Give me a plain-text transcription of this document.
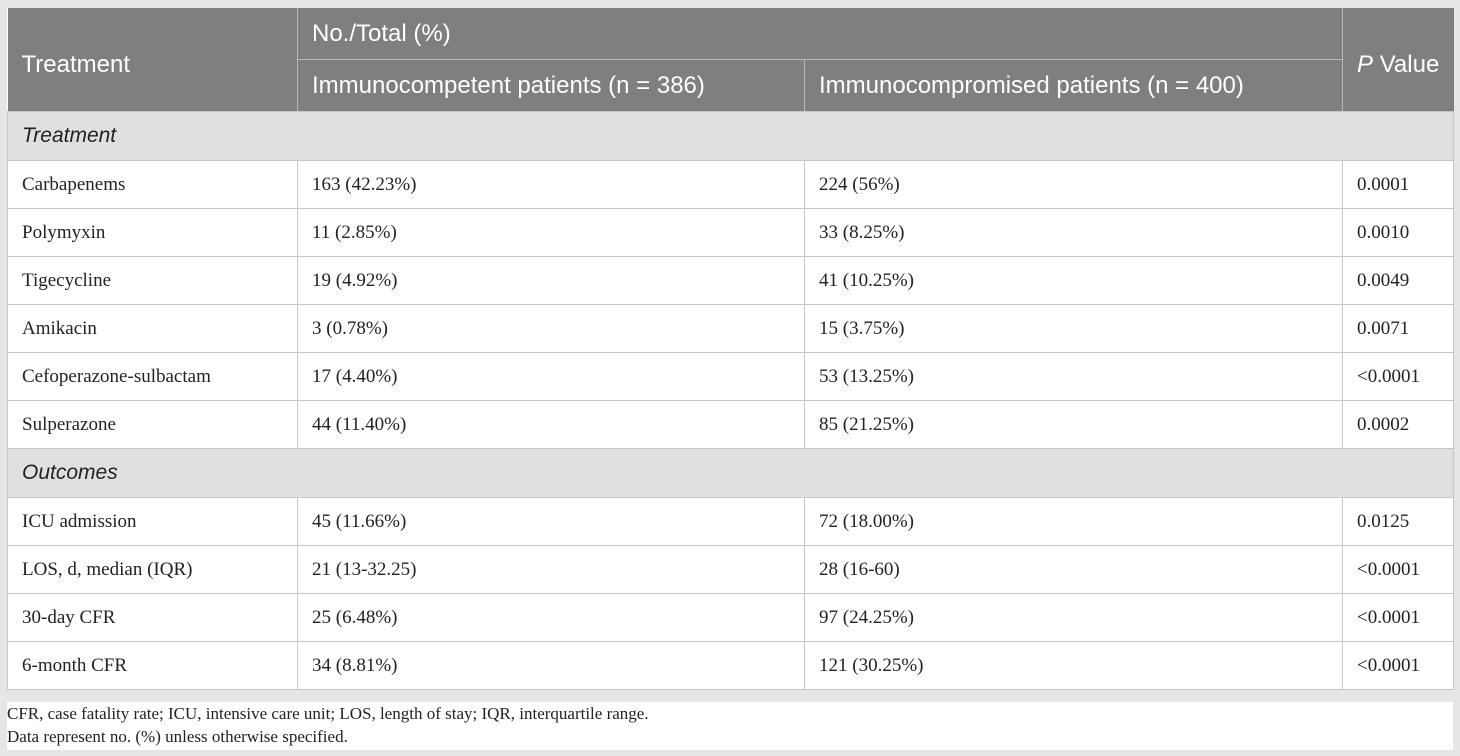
Treatment	No./Total (%)		P Value
	Immunocompetent patients (n = 386)	Immunocompromised patients (n = 400)	
Treatment			
Carbapenems	163 (42.23%)	224 (56%)	0.0001
Polymyxin	11 (2.85%)	33 (8.25%)	0.0010
Tigecycline	19 (4.92%)	41 (10.25%)	0.0049
Amikacin	3 (0.78%)	15 (3.75%)	0.0071
Cefoperazone-sulbactam	17 (4.40%)	53 (13.25%)	<0.0001
Sulperazone	44 (11.40%)	85 (21.25%)	0.0002
Outcomes			
ICU admission	45 (11.66%)	72 (18.00%)	0.0125
LOS, d, median (IQR)	21 (13-32.25)	28 (16-60)	<0.0001
30-day CFR	25 (6.48%)	97 (24.25%)	<0.0001
6-month CFR	34 (8.81%)	121 (30.25%)	<0.0001
CFR, case fatality rate; ICU, intensive care unit; LOS, length of stay; IQR, interquartile range.
Data represent no. (%) unless otherwise specified.
